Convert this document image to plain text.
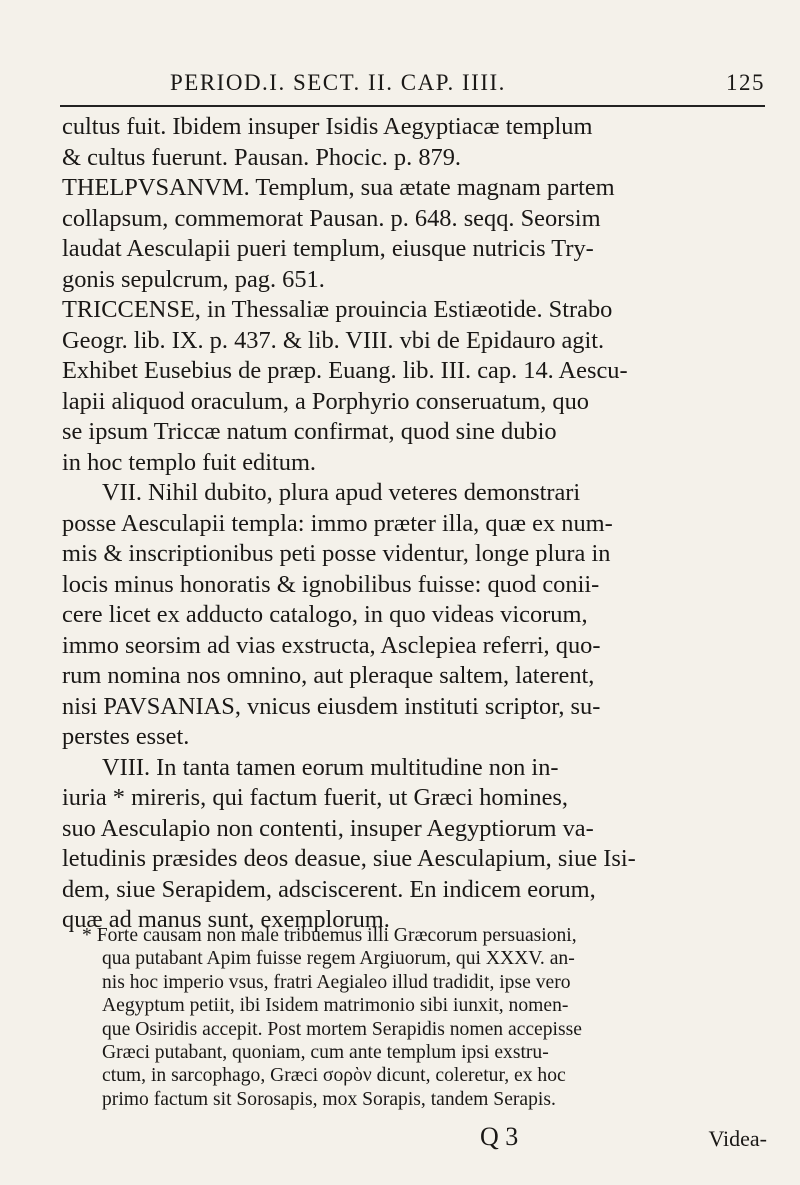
PERIOD.I. SECT. II. CAP. IIII.	125
cultus fuit. Ibidem insuper Isidis Aegyptiacæ templum
& cultus fuerunt. Pausan. Phocic. p. 879.
THELPVSANVM. Templum, sua ætate magnam partem
collapsum, commemorat Pausan. p. 648. seqq. Seorsim
laudat Aesculapii pueri templum, eiusque nutricis Try-
gonis sepulcrum, pag. 651.
TRICCENSE, in Thessaliæ prouincia Estiæotide. Strabo
Geogr. lib. IX. p. 437. & lib. VIII. vbi de Epidauro agit.
Exhibet Eusebius de præp. Euang. lib. III. cap. 14. Aescu-
lapii aliquod oraculum, a Porphyrio conseruatum, quo
se ipsum Triccæ natum confirmat, quod sine dubio
in hoc templo fuit editum.
VII. Nihil dubito, plura apud veteres demonstrari
posse Aesculapii templa: immo præter illa, quæ ex num-
mis & inscriptionibus peti posse videntur, longe plura in
locis minus honoratis & ignobilibus fuisse: quod conii-
cere licet ex adducto catalogo, in quo videas vicorum,
immo seorsim ad vias exstructa, Asclepiea referri, quo-
rum nomina nos omnino, aut pleraque saltem, laterent,
nisi PAVSANIAS, vnicus eiusdem instituti scriptor, su-
perstes esset.
VIII. In tanta tamen eorum multitudine non in-
iuria * mireris, qui factum fuerit, ut Græci homines,
suo Aesculapio non contenti, insuper Aegyptiorum va-
letudinis præsides deos deasue, siue Aesculapium, siue Isi-
dem, siue Serapidem, adsciscerent. En indicem eorum,
quæ ad manus sunt, exemplorum.
* Forte causam non male tribuemus illi Græcorum persuasioni,
qua putabant Apim fuisse regem Argiuorum, qui XXXV. an-
nis hoc imperio vsus, fratri Aegialeo illud tradidit, ipse vero
Aegyptum petiit, ibi Isidem matrimonio sibi iunxit, nomen-
que Osiridis accepit. Post mortem Serapidis nomen accepisse
Græci putabant, quoniam, cum ante templum ipsi exstru-
ctum, in sarcophago, Græci σορὸν dicunt, coleretur, ex hoc
primo factum sit Sorosapis, mox Sorapis, tandem Serapis.
Q 3	Videa-
